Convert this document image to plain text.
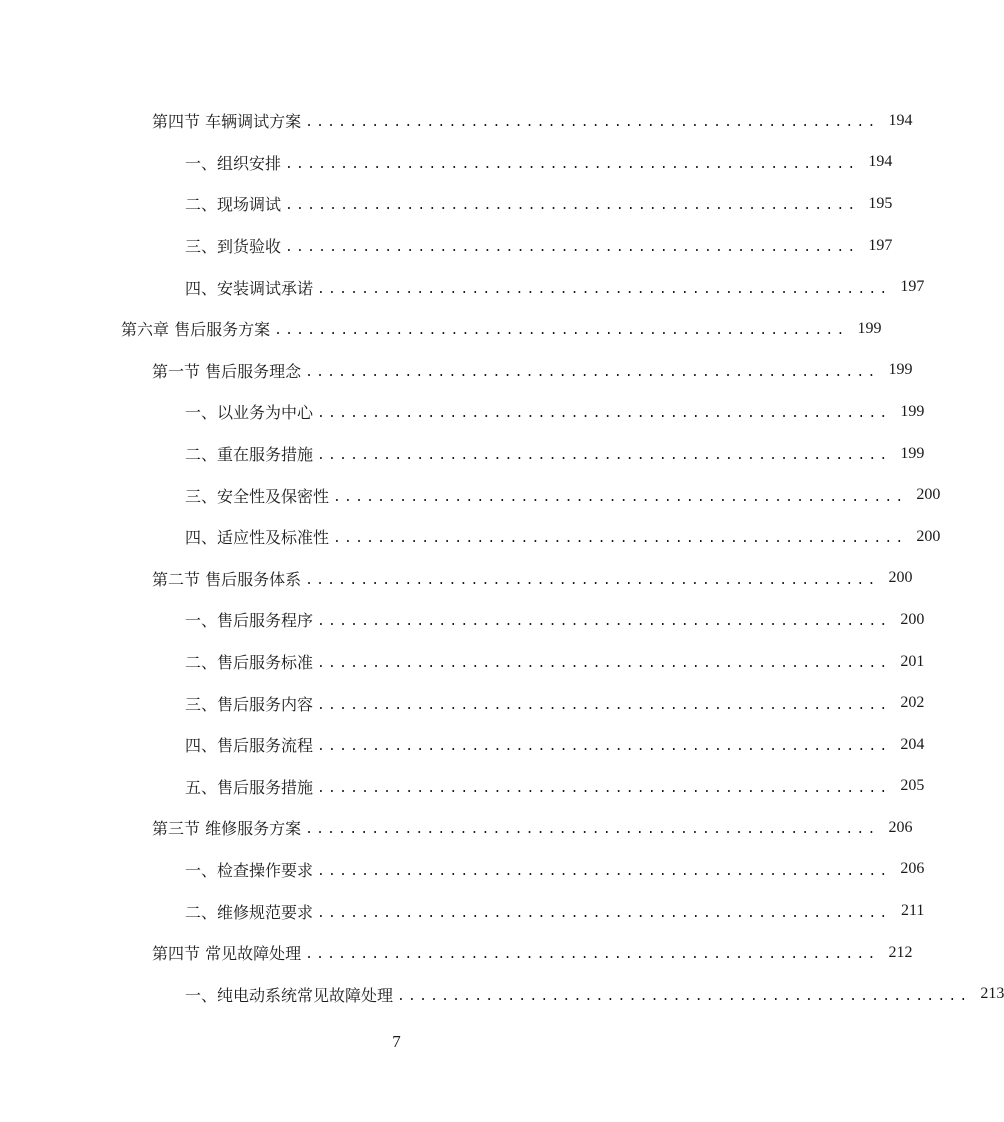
第四节 车辆调试方案 .................................................... 194
一、组织安排 .................................................... 194
二、现场调试 .................................................... 195
三、到货验收 .................................................... 197
四、安装调试承诺 .................................................... 197
第六章 售后服务方案 .................................................... 199
第一节 售后服务理念 .................................................... 199
一、以业务为中心 .................................................... 199
二、重在服务措施 .................................................... 199
三、安全性及保密性 .................................................... 200
四、适应性及标准性 .................................................... 200
第二节 售后服务体系 .................................................... 200
一、售后服务程序 .................................................... 200
二、售后服务标准 .................................................... 201
三、售后服务内容 .................................................... 202
四、售后服务流程 .................................................... 204
五、售后服务措施 .................................................... 205
第三节 维修服务方案 .................................................... 206
一、检查操作要求 .................................................... 206
二、维修规范要求 .................................................... 211
第四节 常见故障处理 .................................................... 212
一、纯电动系统常见故障处理 .................................................... 213
7
